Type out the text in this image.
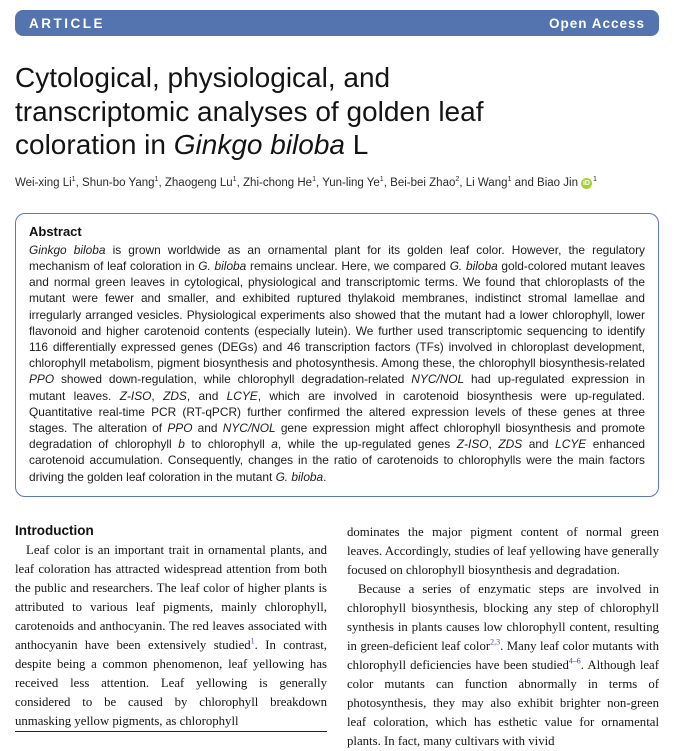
ARTICLE	Open Access
Cytological, physiological, and transcriptomic analyses of golden leaf coloration in Ginkgo biloba L
Wei-xing Li$^1$, Shun-bo Yang$^1$, Zhaogeng Lu$^1$, Zhi-chong He$^1$, Yun-ling Ye$^1$, Bei-bei Zhao$^2$, Li Wang$^1$ and Biao Jin $iD^1$
Abstract

Ginkgo biloba is grown worldwide as an ornamental plant for its golden leaf color. However, the regulatory mechanism of leaf coloration in G. biloba remains unclear. Here, we compared G. biloba gold-colored mutant leaves and normal green leaves in cytological, physiological and transcriptomic terms. We found that chloroplasts of the mutant were fewer and smaller, and exhibited ruptured thylakoid membranes, indistinct stromal lamellae and irregularly arranged vesicles. Physiological experiments also showed that the mutant had a lower chlorophyll, lower flavonoid and higher carotenoid contents (especially lutein). We further used transcriptomic sequencing to identify 116 differentially expressed genes (DEGs) and 46 transcription factors (TFs) involved in chloroplast development, chlorophyll metabolism, pigment biosynthesis and photosynthesis. Among these, the chlorophyll biosynthesis-related PPO showed down-regulation, while chlorophyll degradation-related NYC/NOL had up-regulated expression in mutant leaves. Z-ISO, ZDS, and LCYE, which are involved in carotenoid biosynthesis were up-regulated. Quantitative real-time PCR (RT-qPCR) further confirmed the altered expression levels of these genes at three stages. The alteration of PPO and NYC/NOL gene expression might affect chlorophyll biosynthesis and promote degradation of chlorophyll b to chlorophyll a, while the up-regulated genes Z-ISO, ZDS and LCYE enhanced carotenoid accumulation. Consequently, changes in the ratio of carotenoids to chlorophylls were the main factors driving the golden leaf coloration in the mutant G. biloba.

Introduction

Leaf color is an important trait in ornamental plants, and leaf coloration has attracted widespread attention from both the public and researchers. The leaf color of higher plants is attributed to various leaf pigments, mainly chlorophyll, carotenoids and anthocyanin. The red leaves associated with anthocyanin have been extensively studied$^1$. In contrast, despite being a common phenomenon, leaf yellowing has received less attention. Leaf yellowing is generally considered to be caused by chlorophyll breakdown unmasking yellow pigments, as chlorophyll

dominates the major pigment content of normal green leaves. Accordingly, studies of leaf yellowing have generally focused on chlorophyll biosynthesis and degradation.

Because a series of enzymatic steps are involved in chlorophyll biosynthesis, blocking any step of chlorophyll synthesis in plants causes low chlorophyll content, resulting in green-deficient leaf color$^{2,3}$. Many leaf color mutants with chlorophyll deficiencies have been studied$^{4-6}$. Although leaf color mutants can function abnormally in terms of photosynthesis, they may also exhibit brighter non-green leaf coloration, which has esthetic value for ornamental plants. In fact, many cultivars with vivid
